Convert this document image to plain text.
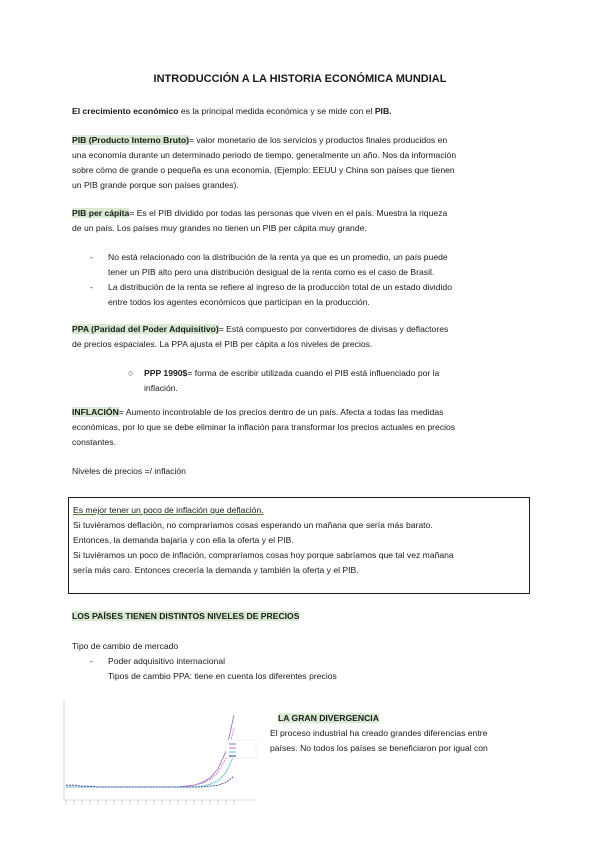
INTRODUCCIÓN A LA HISTORIA ECONÓMICA MUNDIAL
El crecimiento económico es la principal medida económica y se mide con el PIB.
PIB (Producto Interno Bruto)= valor monetario de los servicios y productos finales producidos en
una economía durante un determinado periodo de tiempo, generalmente un año. Nos da información
sobre cómo de grande o pequeña es una economía. (Ejemplo: EEUU y China son países que tienen
un PIB grande porque son países grandes).
PIB per cápita= Es el PIB dividido por todas las personas que viven en el país. Muestra la riqueza
de un país. Los países muy grandes no tienen un PIB per cápita muy grande.
- No está relacionado con la distribución de la renta ya que es un promedio, un país puede
tener un PIB alto pero una distribución desigual de la renta como es el caso de Brasil.
- La distribución de la renta se refiere al ingreso de la producción total de un estado dividido
entre todos los agentes económicos que participan en la producción.
PPA (Paridad del Poder Adquisitivo)= Está compuesto por convertidores de divisas y deflactores
de precios espaciales. La PPA ajusta el PIB per cápita a los niveles de precios.
○	PPP 1990$= forma de escribir utilizada cuando el PIB está influenciado por la
inflación.
INFLACIÓN= Aumento incontrolable de los precios dentro de un país. Afecta a todas las medidas
económicas, por lo que se debe eliminar la inflación para transformar los precios actuales en precios
constantes.
Niveles de precios =/ inflación
Es mejor tener un poco de inflación que deflación.
Si tuviéramos deflación, no compraríamos cosas esperando un mañana que sería más barato.
Entonces, la demanda bajaría y con ella la oferta y el PIB.
Si tuviéramos un poco de inflación, compraríamos cosas hoy porque sabríamos que tal vez mañana
sería más caro. Entonces crecería la demanda y también la oferta y el PIB.
LOS PAÍSES TIENEN DISTINTOS NIVELES DE PRECIOS
Tipo de cambio de mercado
- Poder adquisitivo internacional
Tipos de cambio PPA: tiene en cuenta los diferentes precios
LA GRAN DIVERGENCIA
El proceso industrial ha creado grandes diferencias entre
países. No todos los países se beneficiaron por igual con
